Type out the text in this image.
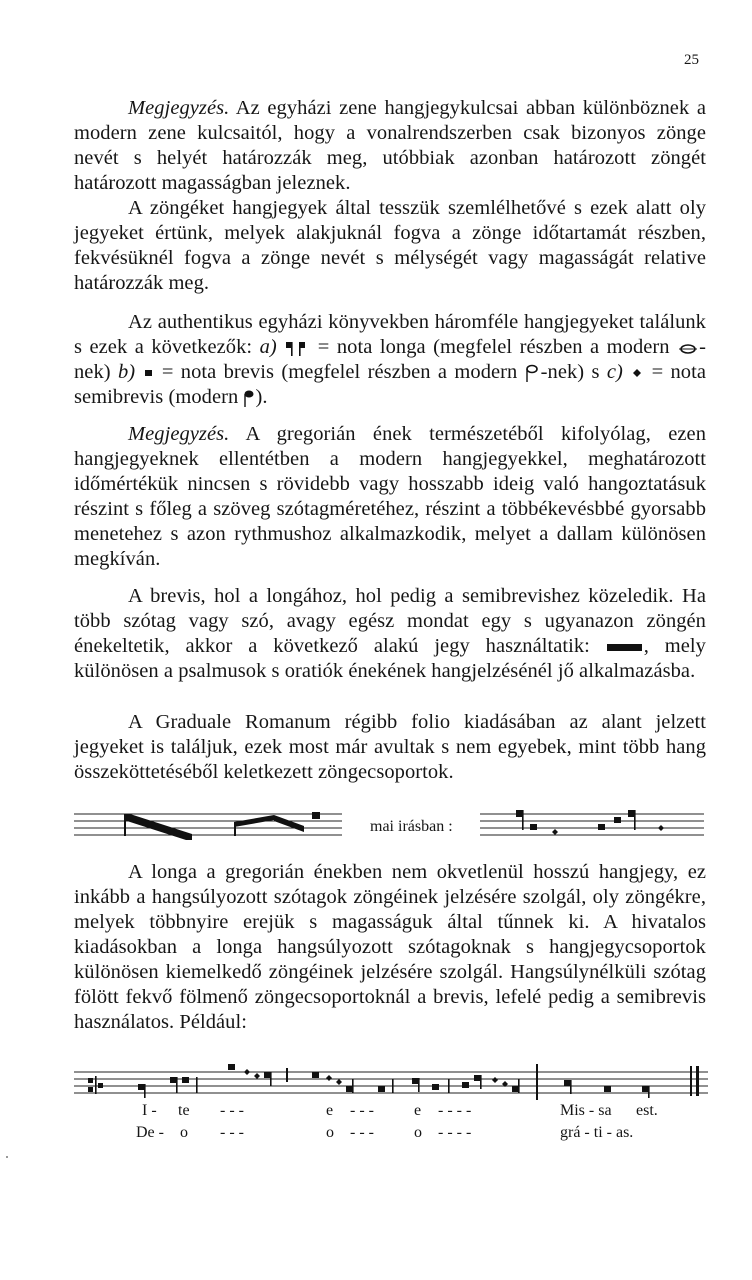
25
Megjegyzés. Az egyházi zene hangjegykulcsai abban különböznek a modern zene kulcsaitól, hogy a vonalrendszerben csak bizonyos zönge nevét s helyét határozzák meg, utóbbiak azonban határozott zöngét határozott magasságban jeleznek.
A zöngéket hangjegyek által tesszük szemlélhetővé s ezek alatt oly jegyeket értünk, melyek alakjuknál fogva a zönge időtartamát részben, fekvésüknél fogva a zönge nevét s mélységét vagy magasságát relative határozzák meg.
Az authentikus egyházi könyvekben háromféle hangjegyeket találunk s ezek a következők: a)  = nota longa (megfelel részben a modern -nek) b)  = nota brevis (megfelel részben a modern -nek) s c)  = nota semibrevis (modern ).
Megjegyzés. A gregorián ének természetéből kifolyólag, ezen hangjegyeknek ellentétben a modern hangjegyekkel, meghatározott időmértékük nincsen s rövidebb vagy hosszabb ideig való hangoztatásuk részint s főleg a szöveg szótagméretéhez, részint a többékevésbbé gyorsabb menetehez s azon rythmushoz alkalmazkodik, melyet a dallam különösen megkíván.
A brevis, hol a longához, hol pedig a semibrevishez közeledik. Ha több szótag vagy szó, avagy egész mondat egy s ugyanazon zöngén énekeltetik, akkor a következő alakú jegy használtatik: , mely különösen a psalmusok s oratiók énekének hangjelzésénél jő alkalmazásba.
A Graduale Romanum régibb folio kiadásában az alant jelzett jegyeket is találjuk, ezek most már avultak s nem egyebek, mint több hang összeköttetéséből keletkezett zöngecsoportok.
mai irásban :
A longa a gregorián énekben nem okvetlenül hosszú hangjegy, ez inkább a hangsúlyozott szótagok zöngéinek jelzésére szolgál, oly zöngékre, melyek többnyire erejük s magasságuk által tűnnek ki. A hivatalos kiadásokban a longa hangsúlyozott szótagoknak s hangjegycsoportok különösen kiemelkedő zöngéinek jelzésére szolgál. Hangsúlynélküli szótag fölött fekvő fölmenő zöngecsoportoknál a brevis, lefelé pedig a semibrevis használatos. Például:
I - te - - -	e - - -	e - - - -	Mis - sa est.
De - o - - -	o - - -	o - - - -	grá - ti - as.
